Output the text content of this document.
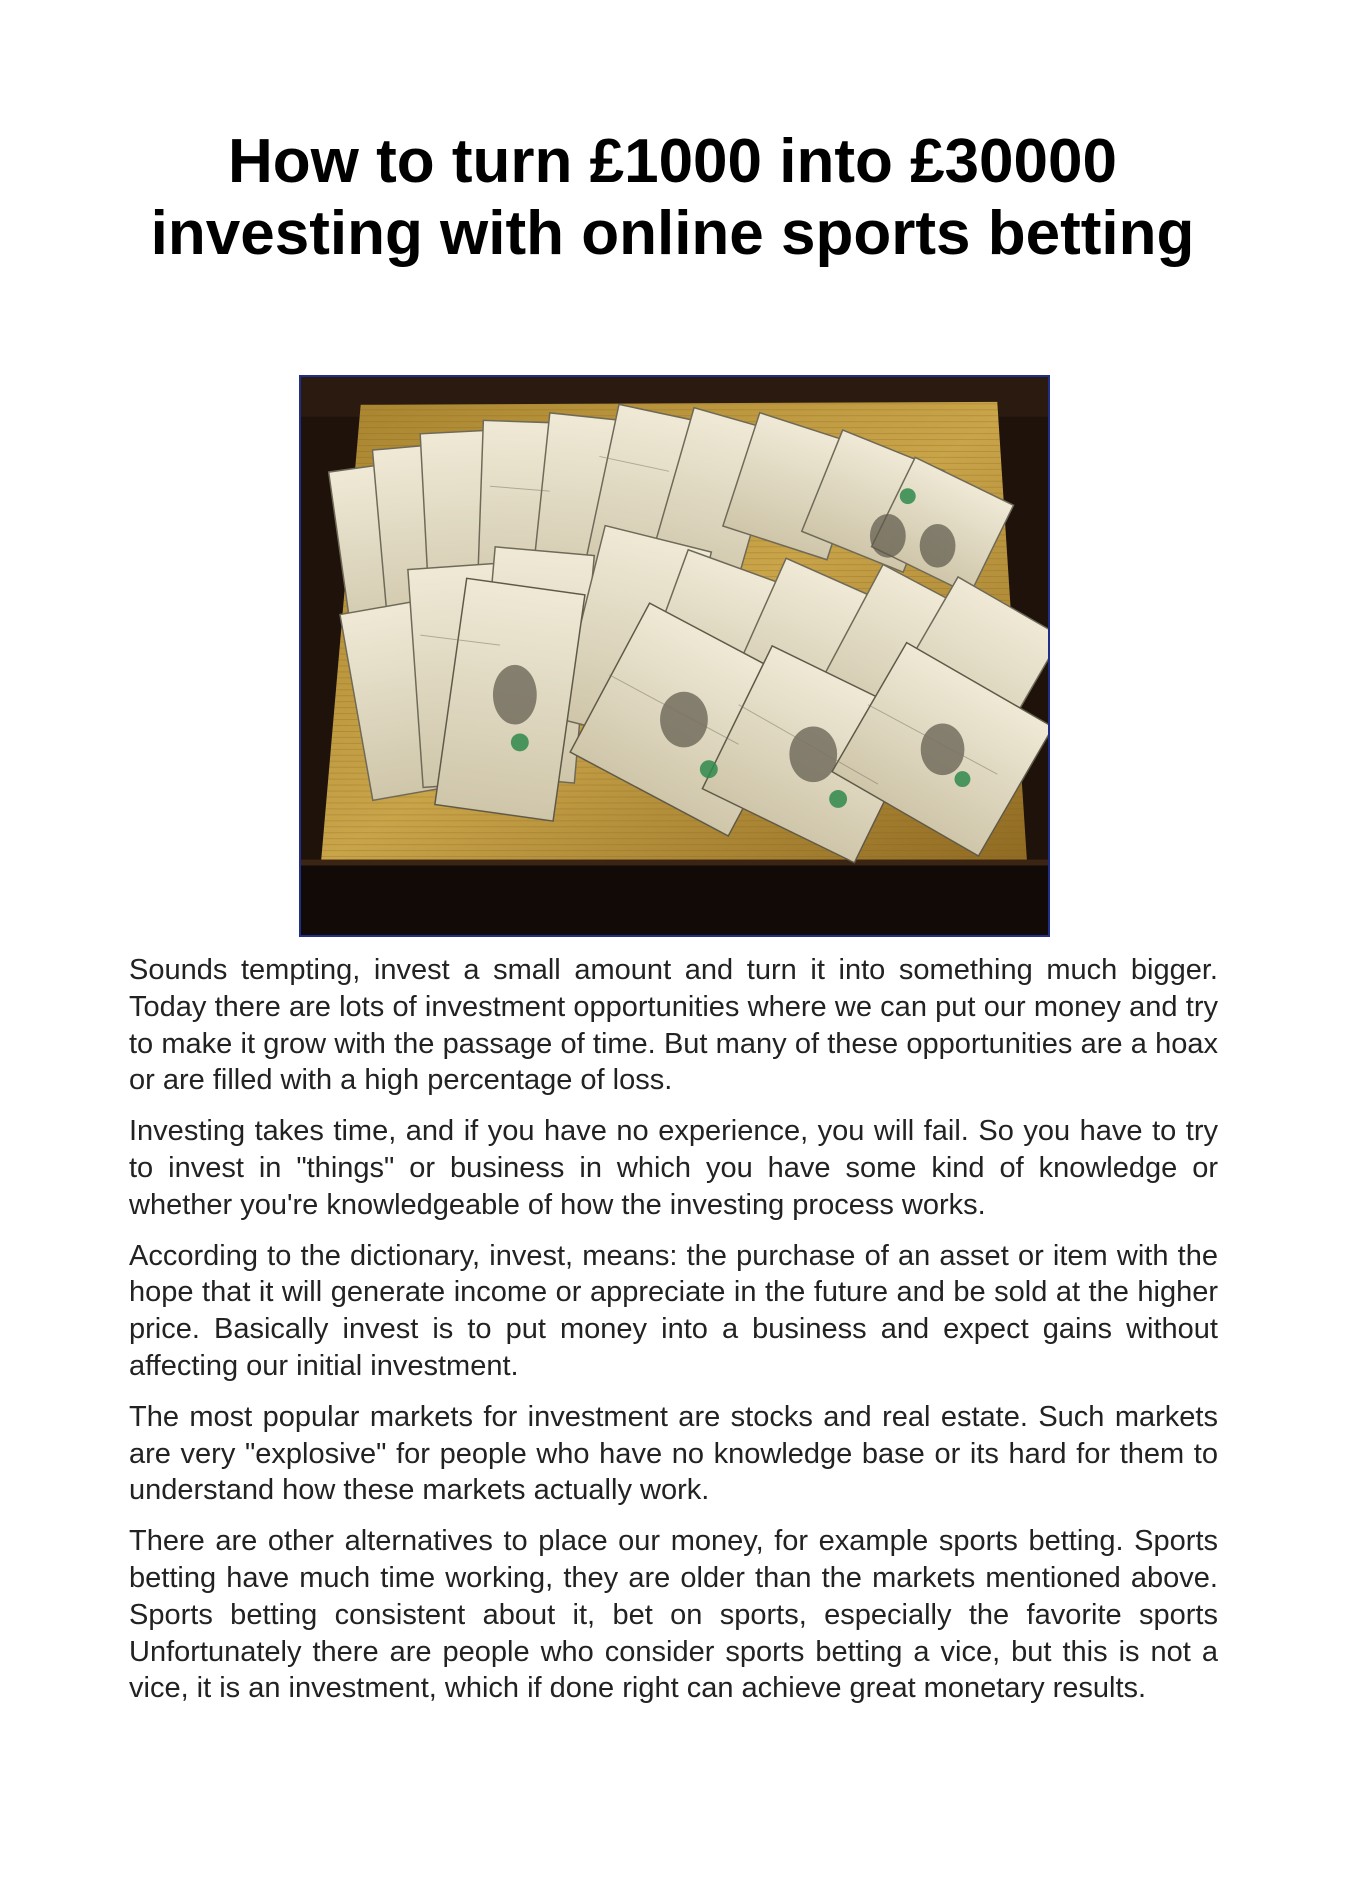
How to turn £1000 into £30000 investing with online sports betting

Sounds tempting, invest a small amount and turn it into something much bigger. Today there are lots of investment opportunities where we can put our money and try to make it grow with the passage of time. But many of these opportunities are a hoax or are filled with a high percentage of loss.

Investing takes time, and if you have no experience, you will fail. So you have to try to invest in "things" or business in which you have some kind of knowledge or whether you're knowledgeable of how the investing process works.

According to the dictionary, invest, means: the purchase of an asset or item with the hope that it will generate income or appreciate in the future and be sold at the higher price. Basically invest is to put money into a business and expect gains without affecting our initial investment.

The most popular markets for investment are stocks and real estate. Such markets are very "explosive" for people who have no knowledge base or its hard for them to understand how these markets actually work.

There are other alternatives to place our money, for example sports betting. Sports betting have much time working, they are older than the markets mentioned above. Sports betting consistent about it, bet on sports, especially the favorite sports Unfortunately there are people who consider sports betting a vice, but this is not a vice, it is an investment, which if done right can achieve great monetary results.
